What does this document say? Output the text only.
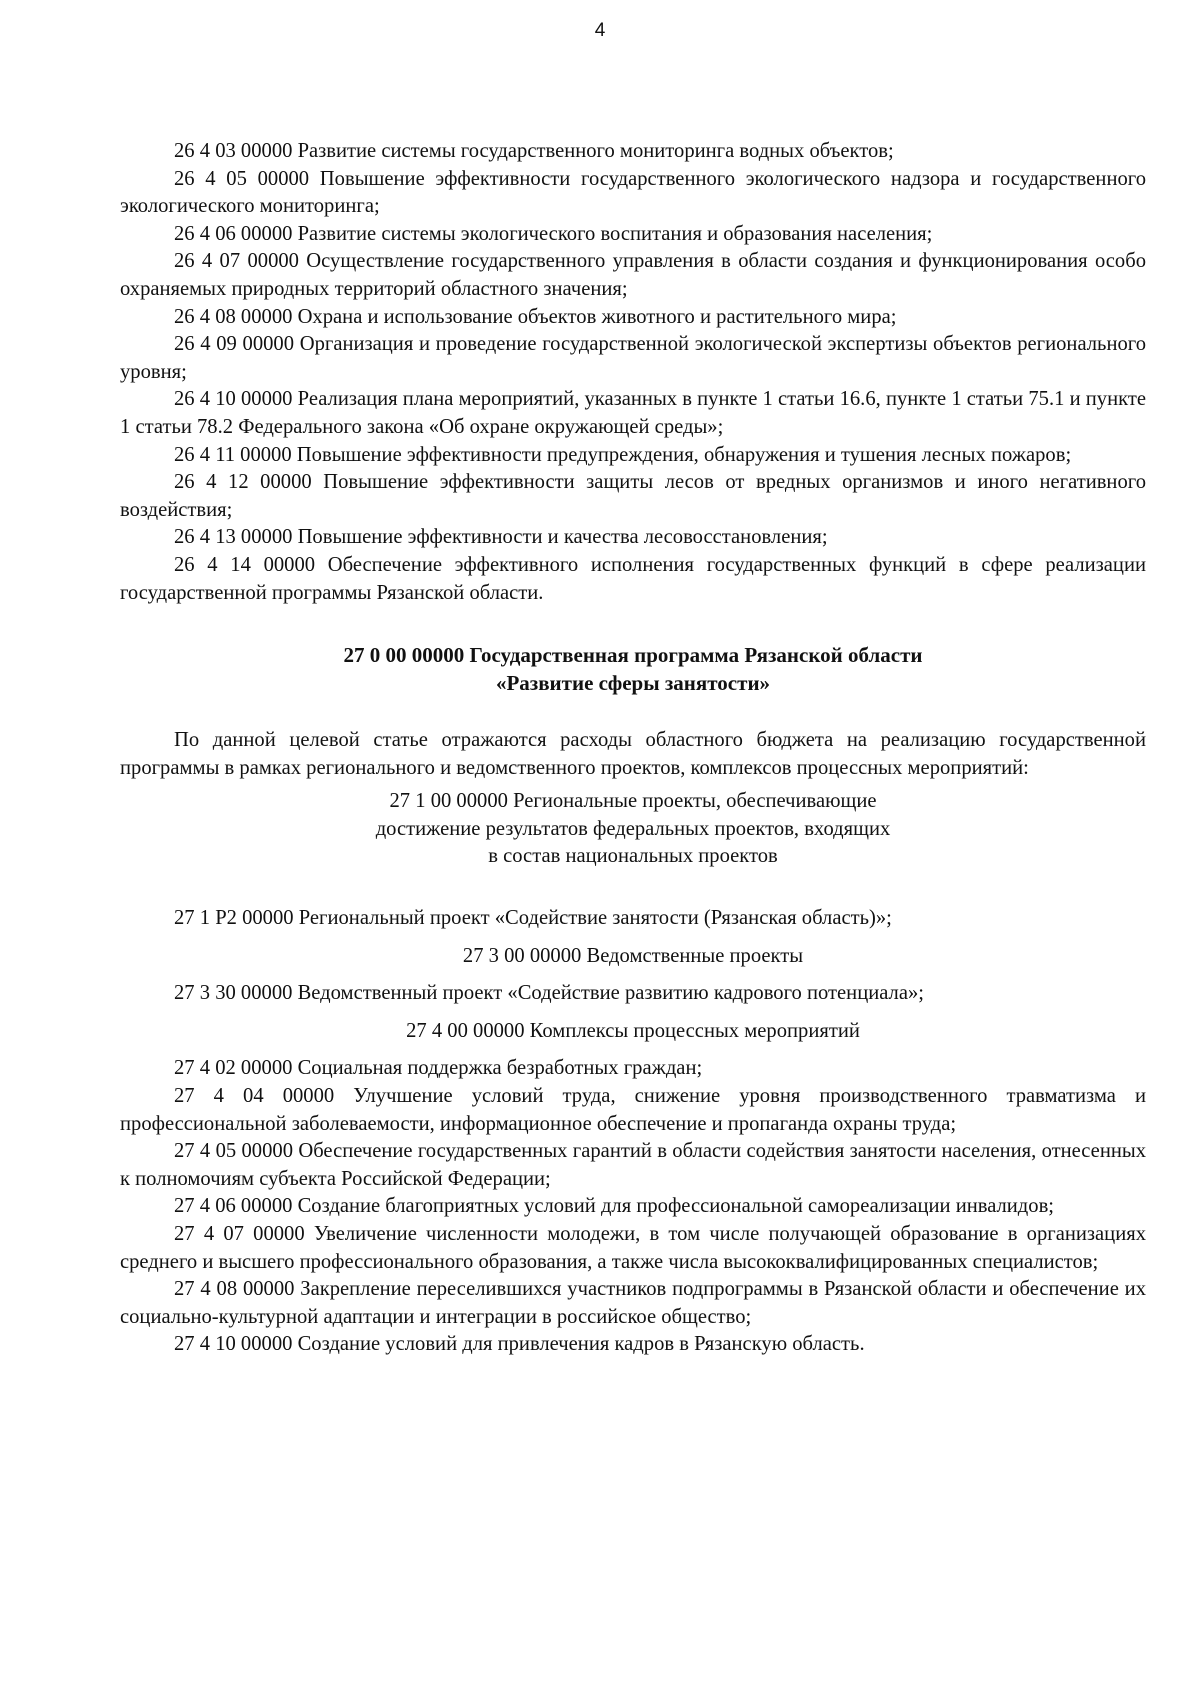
4

26 4 03 00000 Развитие системы государственного мониторинга водных объектов;

26 4 05 00000 Повышение эффективности государственного экологического надзора и государственного экологического мониторинга;

26 4 06 00000 Развитие системы экологического воспитания и образования населения;

26 4 07 00000 Осуществление государственного управления в области создания и функционирования особо охраняемых природных территорий областного значения;

26 4 08 00000 Охрана и использование объектов животного и растительного мира;

26 4 09 00000 Организация и проведение государственной экологической экспертизы объектов регионального уровня;

26 4 10 00000 Реализация плана мероприятий, указанных в пункте 1 статьи 16.6, пункте 1 статьи 75.1 и пункте 1 статьи 78.2 Федерального закона «Об охране окружающей среды»;

26 4 11 00000 Повышение эффективности предупреждения, обнаружения и тушения лесных пожаров;

26 4 12 00000 Повышение эффективности защиты лесов от вредных организмов и иного негативного воздействия;

26 4 13 00000 Повышение эффективности и качества лесовосстановления;

26 4 14 00000 Обеспечение эффективного исполнения государственных функций в сфере реализации государственной программы Рязанской области.

27 0 00 00000 Государственная программа Рязанской области

«Развитие сферы занятости»

По данной целевой статье отражаются расходы областного бюджета на реализацию государственной программы в рамках регионального и ведомственного проектов, комплексов процессных мероприятий:

27 1 00 00000 Региональные проекты, обеспечивающие

достижение результатов федеральных проектов, входящих

в состав национальных проектов

27 1 Р2 00000 Региональный проект «Содействие занятости (Рязанская область)»;

27 3 00 00000 Ведомственные проекты

27 3 30 00000 Ведомственный проект «Содействие развитию кадрового потенциала»;

27 4 00 00000 Комплексы процессных мероприятий

27 4 02 00000 Социальная поддержка безработных граждан;

27 4 04 00000 Улучшение условий труда, снижение уровня производственного травматизма и профессиональной заболеваемости, информационное обеспечение и пропаганда охраны труда;

27 4 05 00000 Обеспечение государственных гарантий в области содействия занятости населения, отнесенных к полномочиям субъекта Российской Федерации;

27 4 06 00000 Создание благоприятных условий для профессиональной самореализации инвалидов;

27 4 07 00000 Увеличение численности молодежи, в том числе получающей образование в организациях среднего и высшего профессионального образования, а также числа высококвалифицированных специалистов;

27 4 08 00000 Закрепление переселившихся участников подпрограммы в Рязанской области и обеспечение их социально-культурной адаптации и интеграции в российское общество;

27 4 10 00000 Создание условий для привлечения кадров в Рязанскую область.
